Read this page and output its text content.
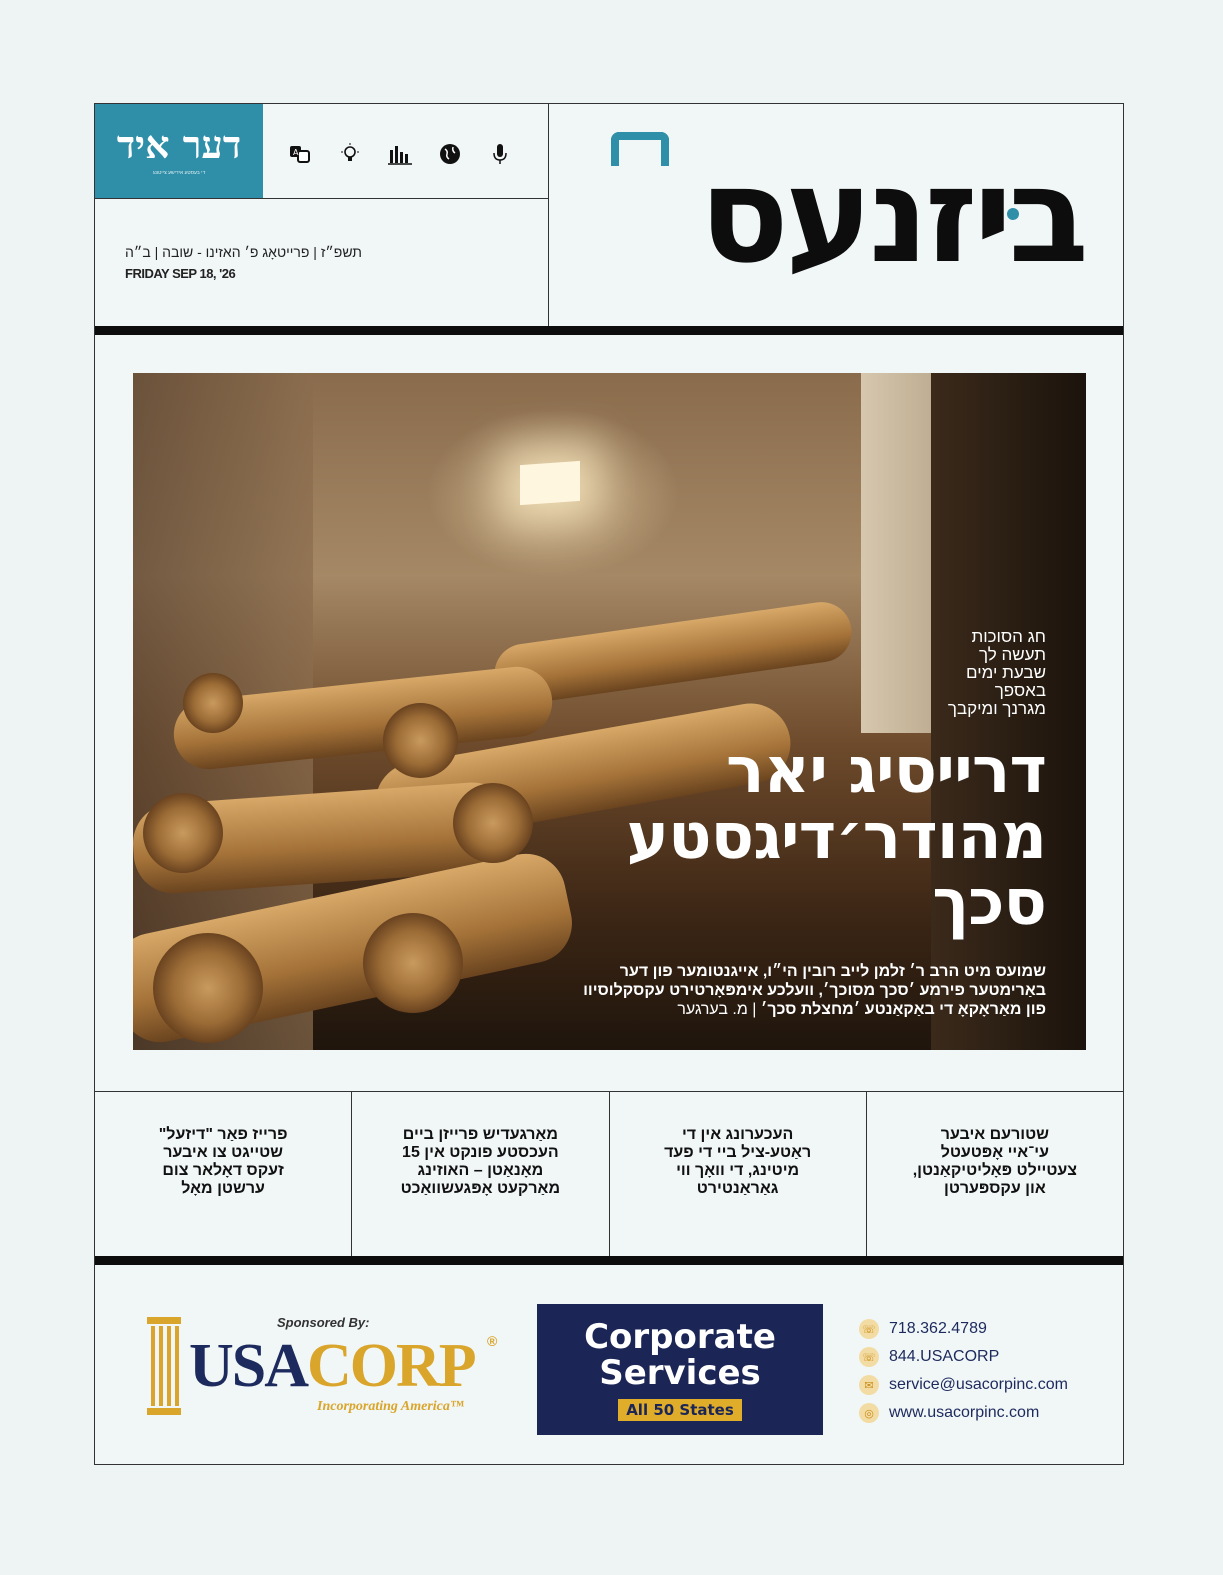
דער איד
די בעסטע אידישע צייטונג
A
תשפ״ז | פרייטאָג פ׳ האזינו - שובה | ב״ה
FRIDAY SEP 18, '26	ביזנעס
חג הסוכות
תעשה לך
שבעת ימים
באספך
מגרנך ומיקבך
דרייסיג יאר
מהודר׳דיגסטע
סכך
שמועס מיט הרב ר׳ זלמן לייב רובין הי״ו, אייגנטומער פון דער
באַרימטער פירמע ׳סכך מסוכך׳, וועלכע אימפּאָרטירט עקסקלוסיוו
פון מאַראָקאָ די באַקאַנטע ׳מחצלת סכך׳ | מ. בערגער
פרייז פאַר "דיזעל"
שטייגט צו איבער
זעקס דאָלאר צום
ערשטן מאָל
מאַרגעדיש פרייזן ביים
העכסטע פונקט אין 15
מאָנאַטן – האוזינג
מאַרקעט אָפּגעשוואַכט
העכערונג אין די
ראַטע-ציל ביי די פעד
מיטינג, די וואָך ווי
גאַראַנטירט
שטורעם איבער
עי־איי אָפּטעטל
צעטיילט פּאָליטיקאַנטן,
און עקספּערטן
Sponsored By:
USACORP ®
Incorporating America™
Corporate
Services
All 50 States
☏ 718.362.4789
☏ 844.USACORP
✉ service@usacorpinc.com
◎ www.usacorpinc.com
